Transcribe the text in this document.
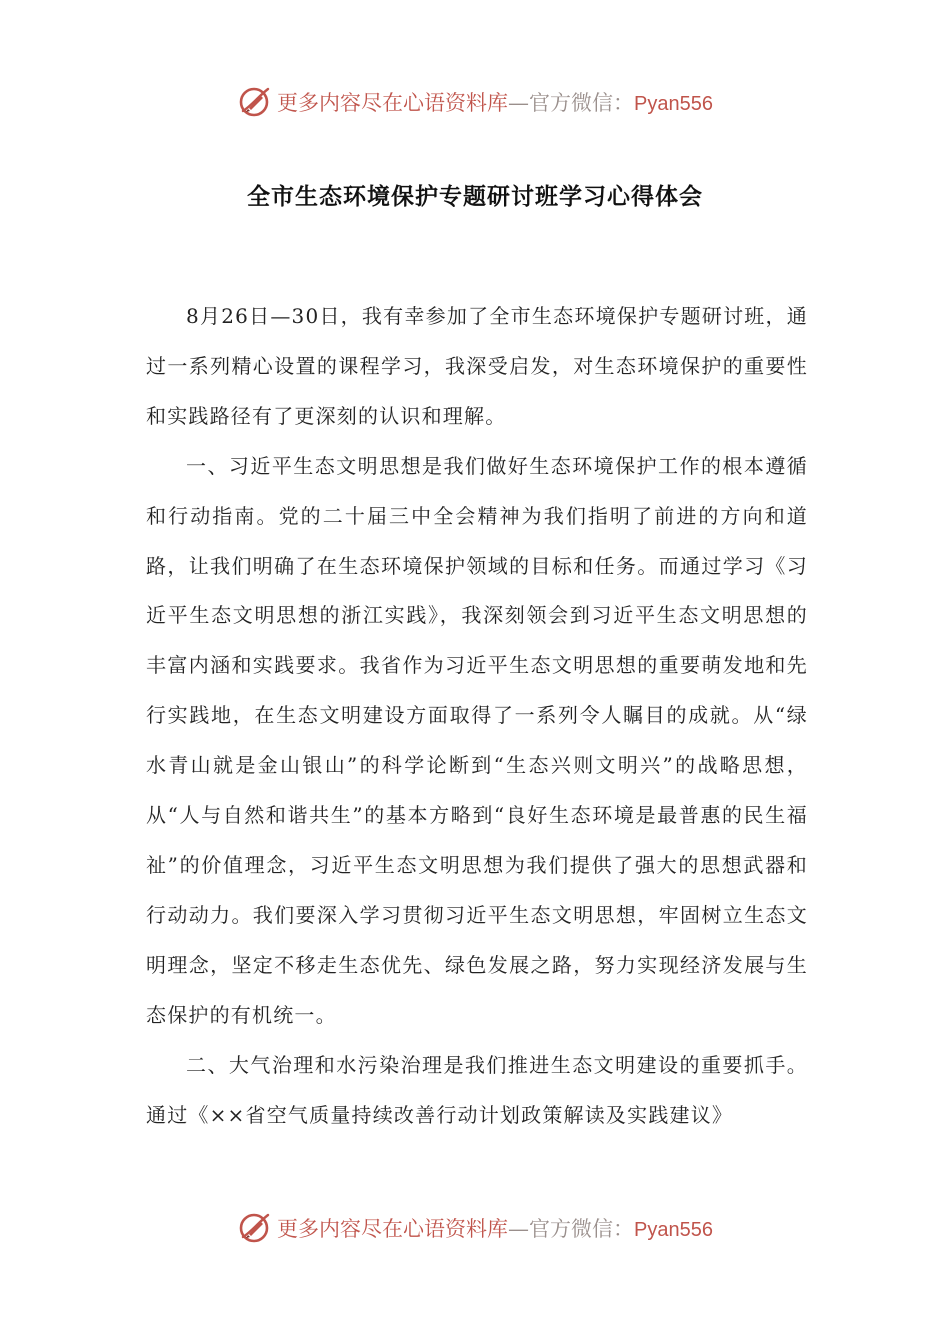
更多内容尽在心语资料库 — 官方微信： Pyan556
全市生态环境保护专题研讨班学习心得体会

8月26日—30日，我有幸参加了全市生态环境保护专题研讨班，通过一系列精心设置的课程学习，我深受启发，对生态环境保护的重要性和实践路径有了更深刻的认识和理解。

一、习近平生态文明思想是我们做好生态环境保护工作的根本遵循和行动指南。党的二十届三中全会精神为我们指明了前进的方向和道路，让我们明确了在生态环境保护领域的目标和任务。而通过学习《习近平生态文明思想的浙江实践》，我深刻领会到习近平生态文明思想的丰富内涵和实践要求。我省作为习近平生态文明思想的重要萌发地和先行实践地，在生态文明建设方面取得了一系列令人瞩目的成就。从“绿水青山就是金山银山”的科学论断到“生态兴则文明兴”的战略思想，从“人与自然和谐共生”的基本方略到“良好生态环境是最普惠的民生福祉”的价值理念，习近平生态文明思想为我们提供了强大的思想武器和行动动力。我们要深入学习贯彻习近平生态文明思想，牢固树立生态文明理念，坚定不移走生态优先、绿色发展之路，努力实现经济发展与生态保护的有机统一。

二、大气治理和水污染治理是我们推进生态文明建设的重要抓手。通过《××省空气质量持续改善行动计划政策解读及实践建议》

更多内容尽在心语资料库 — 官方微信： Pyan556
